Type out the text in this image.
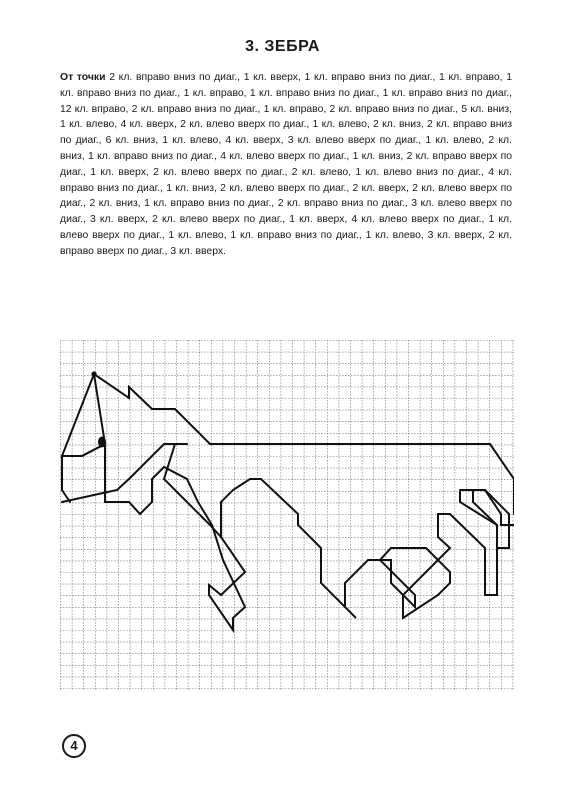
3. ЗЕБРА
От точки 2 кл. вправо вниз по диаг., 1 кл. вверх, 1 кл. вправо вниз по диаг., 1 кл. вправо, 1 кл. вправо вниз по диаг., 1 кл. вправо, 1 кл. вправо вниз по диаг., 1 кл. вправо вниз по диаг., 12 кл. вправо, 2 кл. вправо вниз по диаг., 1 кл. вправо, 2 кл. вправо вниз по диаг., 5 кл. вниз, 1 кл. влево, 4 кл. вверх, 2 кл. влево вверх по диаг., 1 кл. влево, 2 кл. вниз, 2 кл. вправо вниз по диаг., 6 кл. вниз, 1 кл. влево, 4 кл. вверх, 3 кл. влево вверх по диаг., 1 кл. влево, 2 кл. вниз, 1 кл. вправо вниз по диаг., 4 кл. влево вверх по диаг., 1 кл. вниз, 2 кл. вправо вверх по диаг., 1 кл. вверх, 2 кл. влево вверх по диаг., 2 кл. влево, 1 кл. влево вниз по диаг., 4 кл. вправо вниз по диаг., 1 кл. вниз, 2 кл. влево вверх по диаг., 2 кл. вверх, 2 кл. влево вверх по диаг., 2 кл. вниз, 1 кл. вправо вниз по диаг., 2 кл. вправо вниз по диаг., 3 кл. влево вверх по диаг., 3 кл. вверх, 2 кл. влево вверх по диаг., 1 кл. вверх, 4 кл. влево вверх по диаг., 1 кл. влево вверх по диаг., 1 кл. влево, 1 кл. вправо вниз по диаг., 1 кл. влево, 3 кл. вверх, 2 кл. вправо вверх по диаг., 3 кл. вверх.
4
